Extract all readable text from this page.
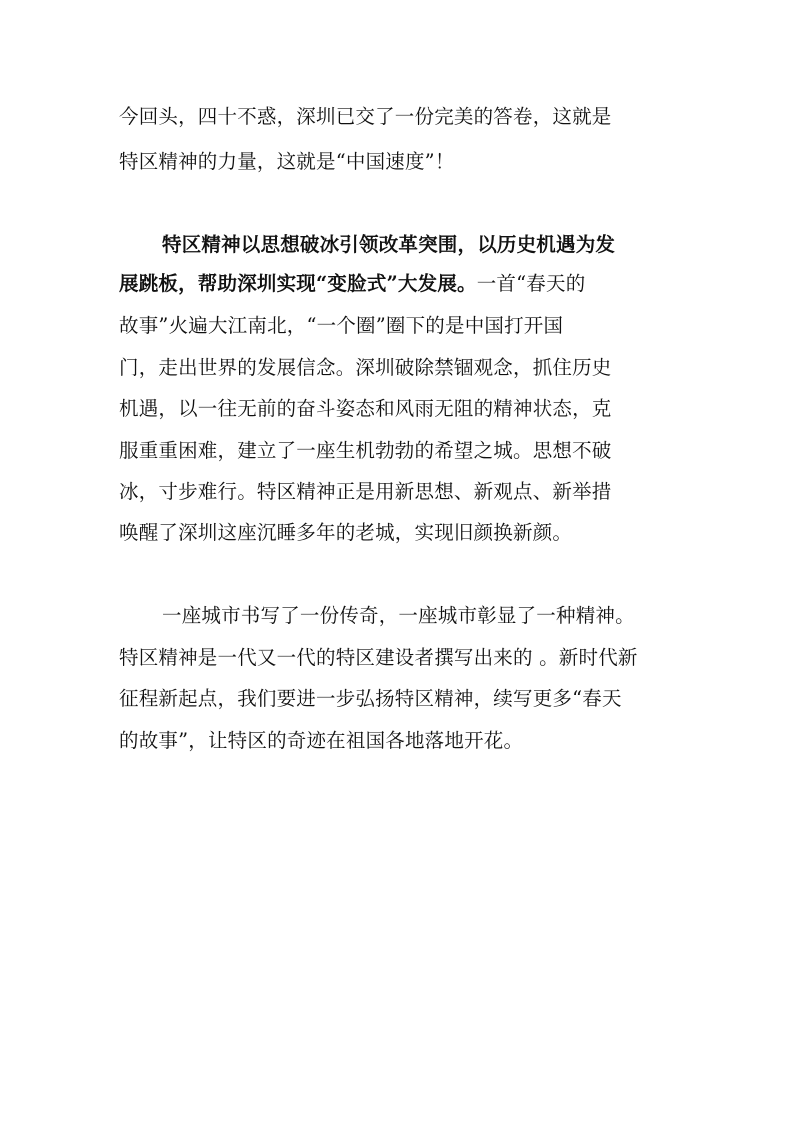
今回头，四十不惑，深圳已交了一份完美的答卷，这就是
特区精神的力量，这就是“中国速度”！
特区精神以思想破冰引领改革突围，以历史机遇为发
展跳板，帮助深圳实现“变脸式”大发展。一首“春天的
故事”火遍大江南北，“一个圈”圈下的是中国打开国
门，走出世界的发展信念。深圳破除禁锢观念，抓住历史
机遇，以一往无前的奋斗姿态和风雨无阻的精神状态，克
服重重困难，建立了一座生机勃勃的希望之城。思想不破
冰，寸步难行。特区精神正是用新思想、新观点、新举措
唤醒了深圳这座沉睡多年的老城，实现旧颜换新颜。
一座城市书写了一份传奇，一座城市彰显了一种精神。
特区精神是一代又一代的特区建设者撰写出来的 。新时代新
征程新起点，我们要进一步弘扬特区精神，续写更多“春天
的故事”，让特区的奇迹在祖国各地落地开花。
